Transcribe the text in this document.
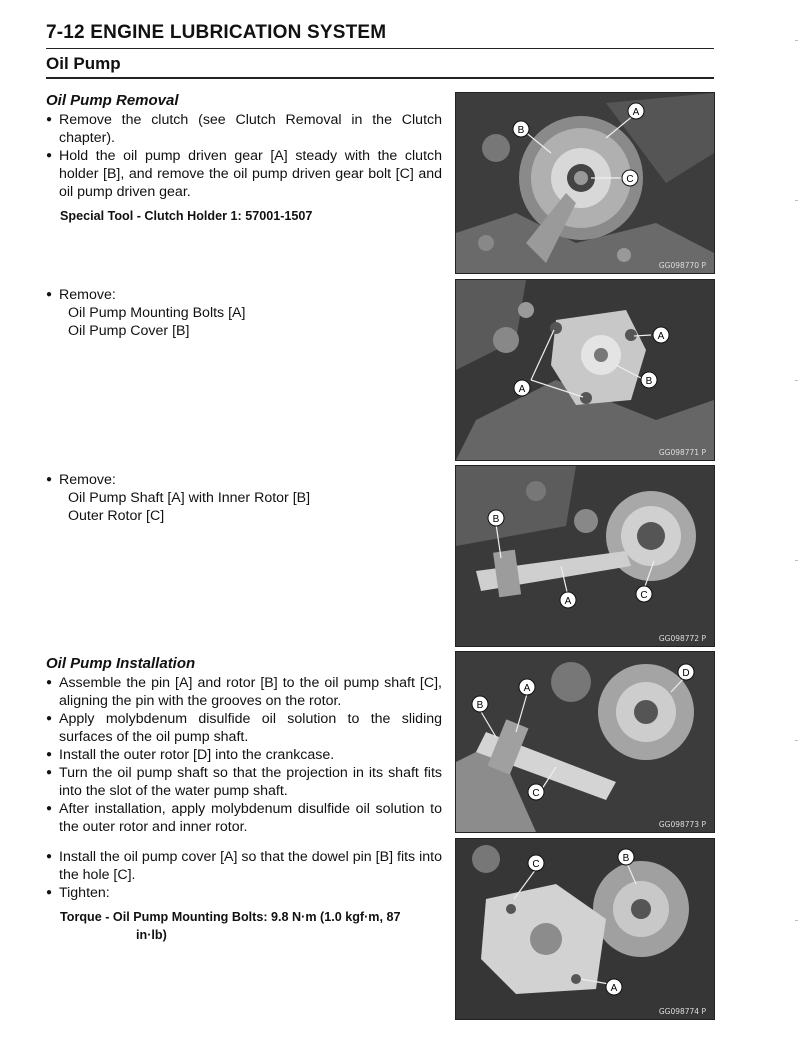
7-12 ENGINE LUBRICATION SYSTEM
Oil Pump
Oil Pump Removal
● Remove the clutch (see Clutch Removal in the Clutch chapter).
● Hold the oil pump driven gear [A] steady with the clutch holder [B], and remove the oil pump driven gear bolt [C] and oil pump driven gear.
Special Tool - Clutch Holder 1: 57001-1507
● Remove:
Oil Pump Mounting Bolts [A]
Oil Pump Cover [B]
● Remove:
Oil Pump Shaft [A] with Inner Rotor [B]
Outer Rotor [C]
Oil Pump Installation
● Assemble the pin [A] and rotor [B] to the oil pump shaft [C], aligning the pin with the grooves on the rotor.
● Apply molybdenum disulfide oil solution to the sliding surfaces of the oil pump shaft.
● Install the outer rotor [D] into the crankcase.
● Turn the oil pump shaft so that the projection in its shaft fits into the slot of the water pump shaft.
● After installation, apply molybdenum disulfide oil solution to the outer rotor and inner rotor.
● Install the oil pump cover [A] so that the dowel pin [B] fits into the hole [C].
● Tighten:
Torque - Oil Pump Mounting Bolts: 9.8 N·m (1.0 kgf·m, 87
in·lb)
A
B
C
GG098770 P
A
A
B
GG098771 P
B
A
C
GG098772 P
A
B
C
D
GG098773 P
C
B
A
GG098774 P
